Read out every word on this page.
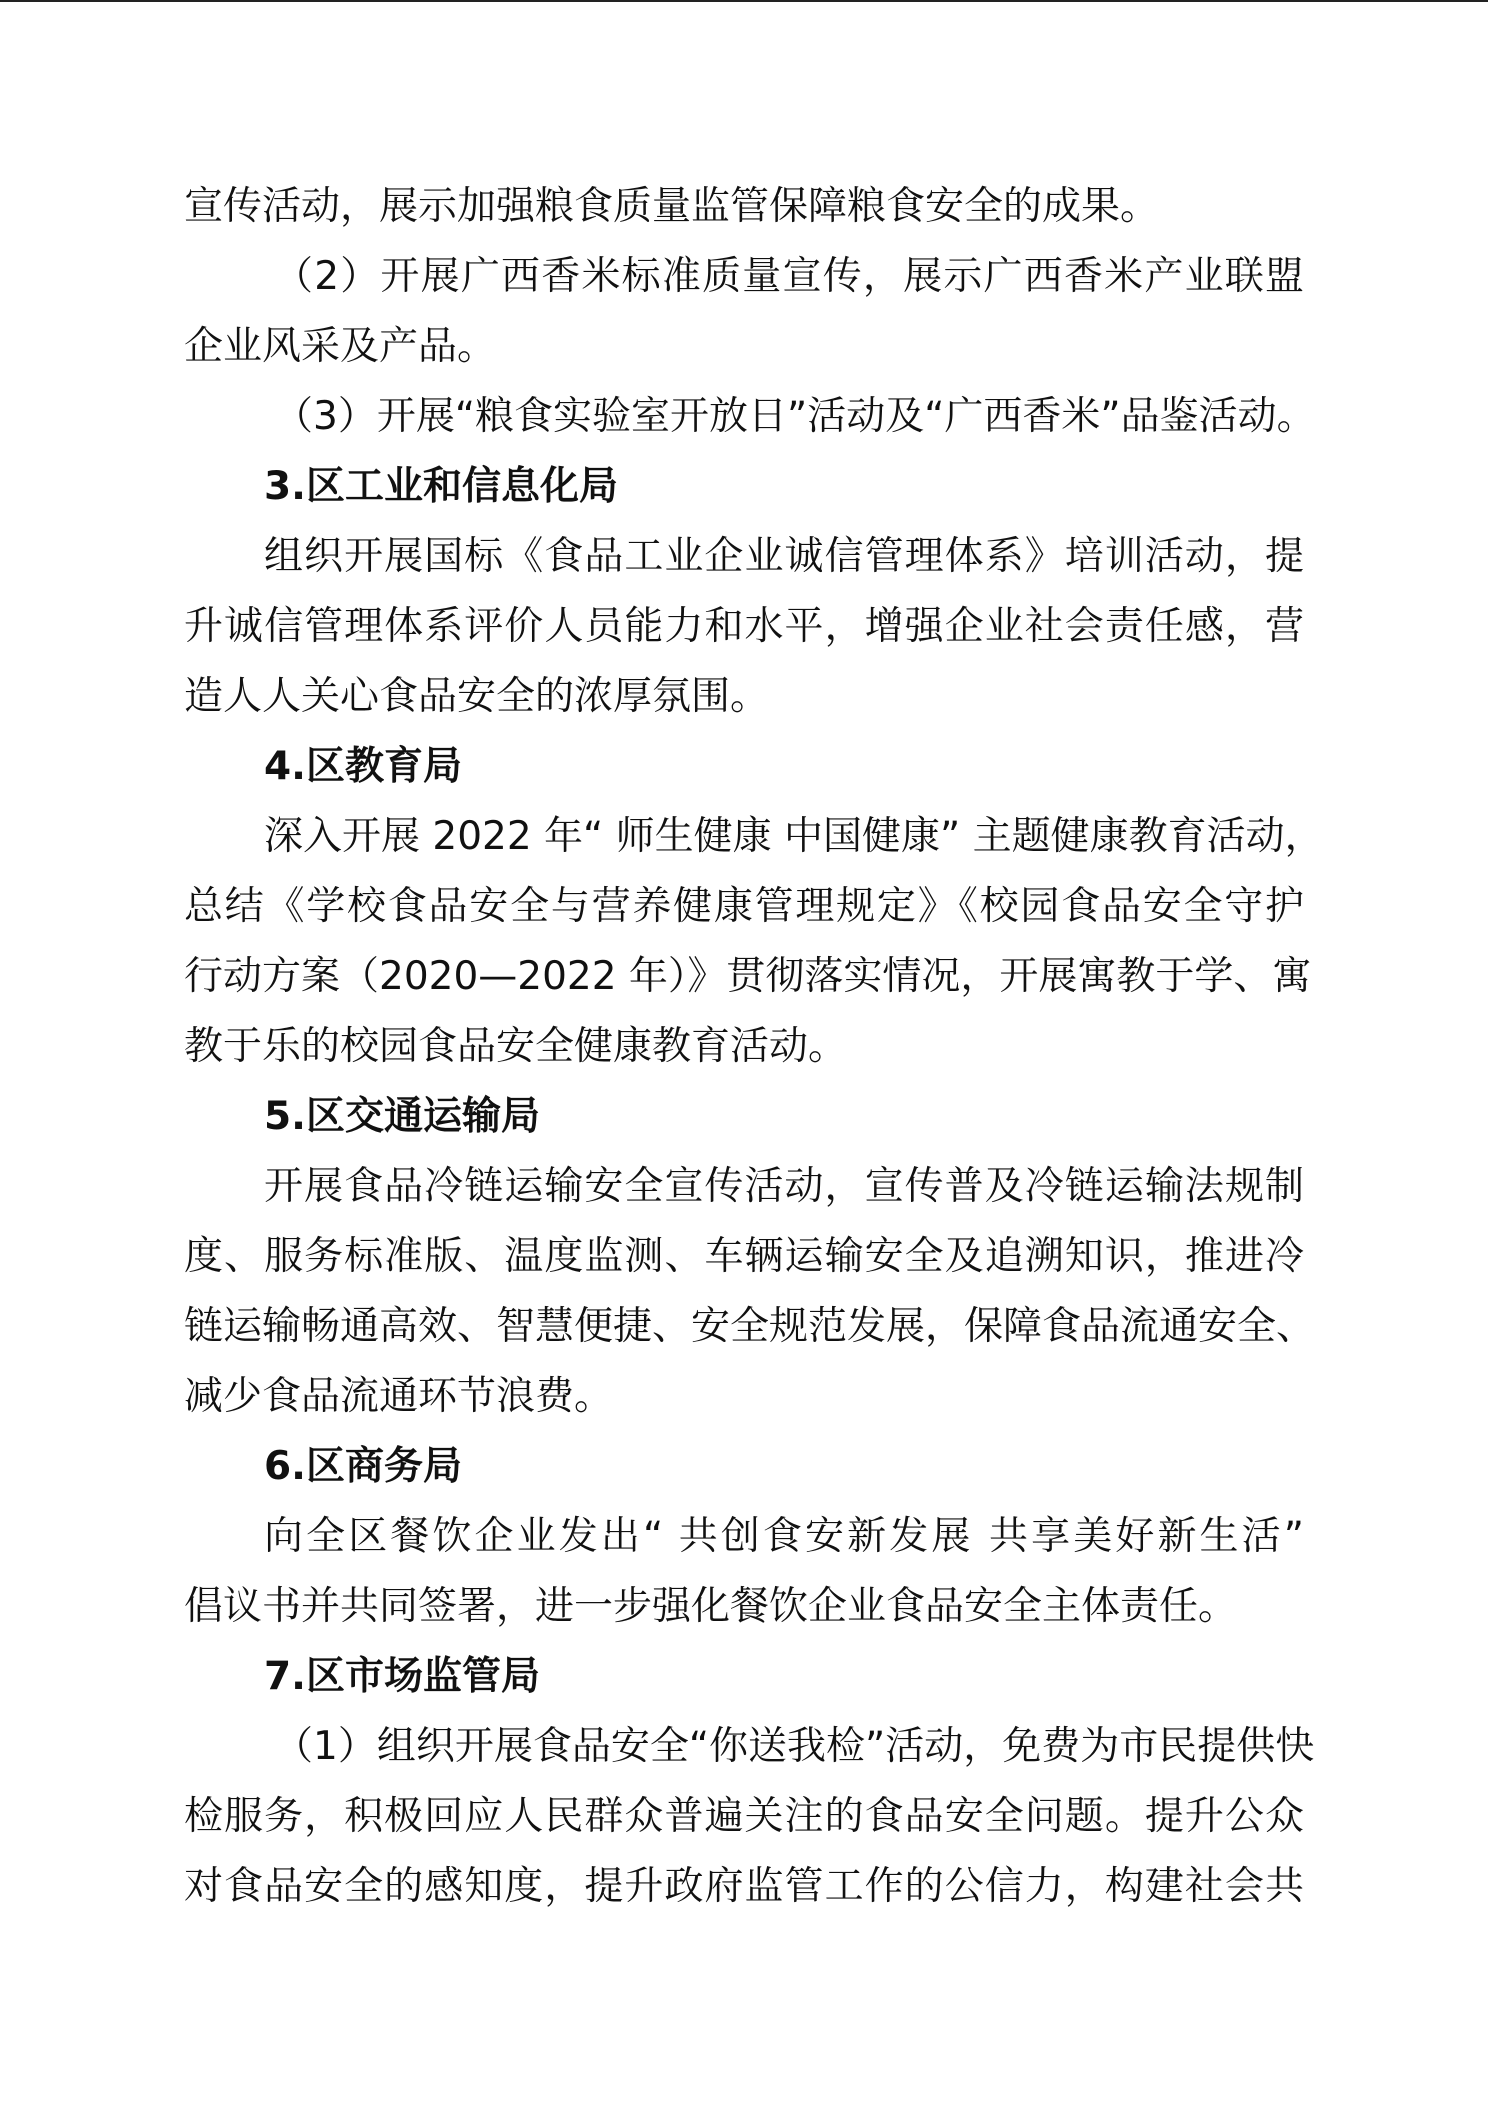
宣传活动，展示加强粮食质量监管保障粮食安全的成果。
（2）开展广西香米标准质量宣传，展示广西香米产业联盟
企业风采及产品。
（3）开展“粮食实验室开放日”活动及“广西香米”品鉴活动。
3.区工业和信息化局
组织开展国标《食品工业企业诚信管理体系》培训活动，提
升诚信管理体系评价人员能力和水平，增强企业社会责任感，营
造人人关心食品安全的浓厚氛围。
4.区教育局
深入开展 2022 年“ 师生健康 中国健康” 主题健康教育活动，
总结《学校食品安全与营养健康管理规定》《校园食品安全守护
行动方案（2020—2022 年）》贯彻落实情况，开展寓教于学、寓
教于乐的校园食品安全健康教育活动。
5.区交通运输局
开展食品冷链运输安全宣传活动，宣传普及冷链运输法规制
度、服务标准版、温度监测、车辆运输安全及追溯知识，推进冷
链运输畅通高效、智慧便捷、安全规范发展，保障食品流通安全、
减少食品流通环节浪费。
6.区商务局
向全区餐饮企业发出“ 共创食安新发展 共享美好新生活”
倡议书并共同签署，进一步强化餐饮企业食品安全主体责任。
7.区市场监管局
（1）组织开展食品安全“你送我检”活动，免费为市民提供快
检服务，积极回应人民群众普遍关注的食品安全问题。提升公众
对食品安全的感知度，提升政府监管工作的公信力，构建社会共
